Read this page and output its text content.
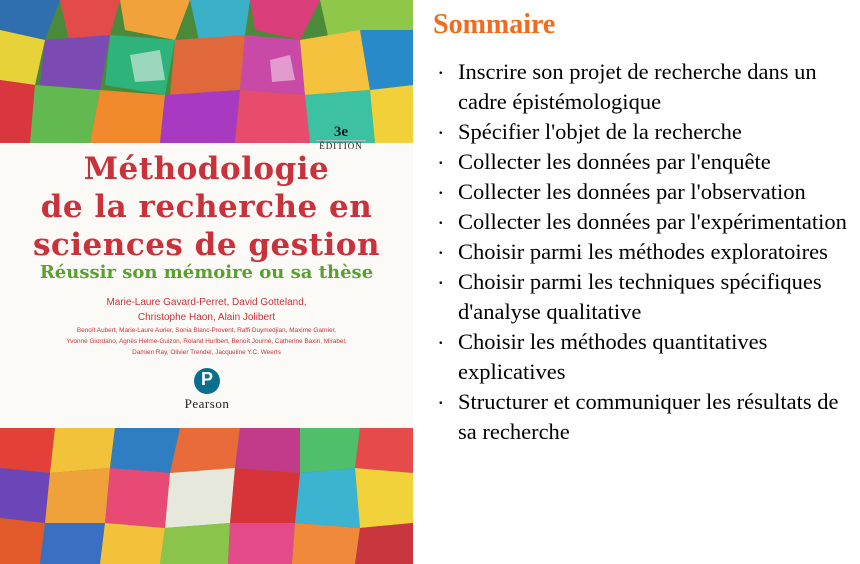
3e
ÉDITION
Méthodologie
de la recherche en
sciences de gestion
Réussir son mémoire ou sa thèse
Marie-Laure Gavard-Perret, David Gotteland,
Christophe Haon, Alain Jolibert
Benoît Aubert, Marie-Laure Aurier, Sonia Blanc-Provent, Raffi Duymedjian, Maxime Garnier,
Yvonne Giordano, Agnès Helme-Guizon, Roland Hurlbert, Benoît Journé, Catherine Baxin, Mirabel,
Damien Ray, Olivier Trendel, Jacqueline Y.C. Weerts
P
Pearson
Sommaire
. Inscrire son projet de recherche dans un cadre épistémologique
. Spécifier l'objet de la recherche
. Collecter les données par l'enquête
. Collecter les données par l'observation
. Collecter les données par l'expérimentation
. Choisir parmi les méthodes exploratoires
. Choisir parmi les techniques spécifiques d'analyse qualitative
. Choisir les méthodes quantitatives explicatives
. Structurer et communiquer les résultats de sa recherche
